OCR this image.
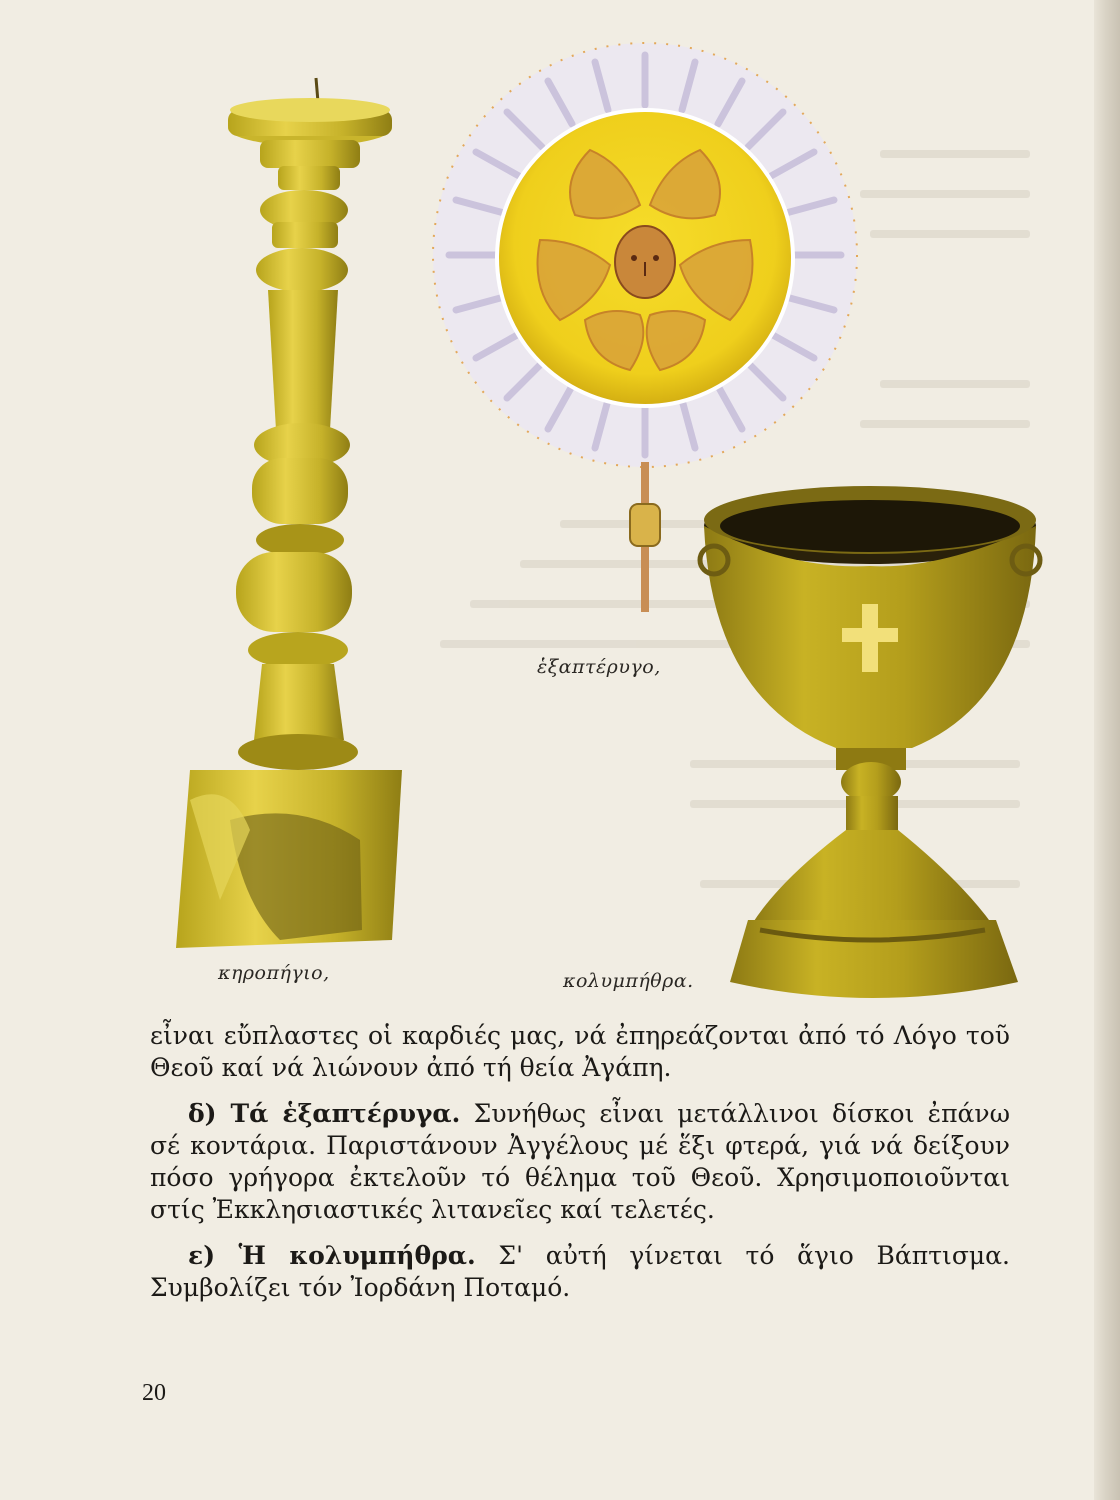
κηροπήγιο,
ἑξαπτέρυγο,
κολυμπήθρα.

εἶναι εὔπλαστες οἱ καρδιές μας, νά ἐπηρεάζονται ἀπό τό Λόγο τοῦ Θεοῦ καί νά λιώνουν ἀπό τή θεία Ἀγάπη.

δ) Τά ἑξαπτέρυγα. Συνήθως εἶναι μετάλλινοι δίσκοι ἐπάνω σέ κοντάρια. Παριστάνουν Ἀγγέλους μέ ἕξι φτερά, γιά νά δείξουν πόσο γρήγορα ἐκτελοῦν τό θέλημα τοῦ Θεοῦ. Χρησιμοποιοῦνται στίς Ἐκκλησιαστικές λιτανεῖες καί τελετές.

ε) Ἡ κολυμπήθρα. Σ' αὐτή γίνεται τό ἅγιο Βάπτισμα. Συμβολίζει τόν Ἰορδάνη Ποταμό.

20
